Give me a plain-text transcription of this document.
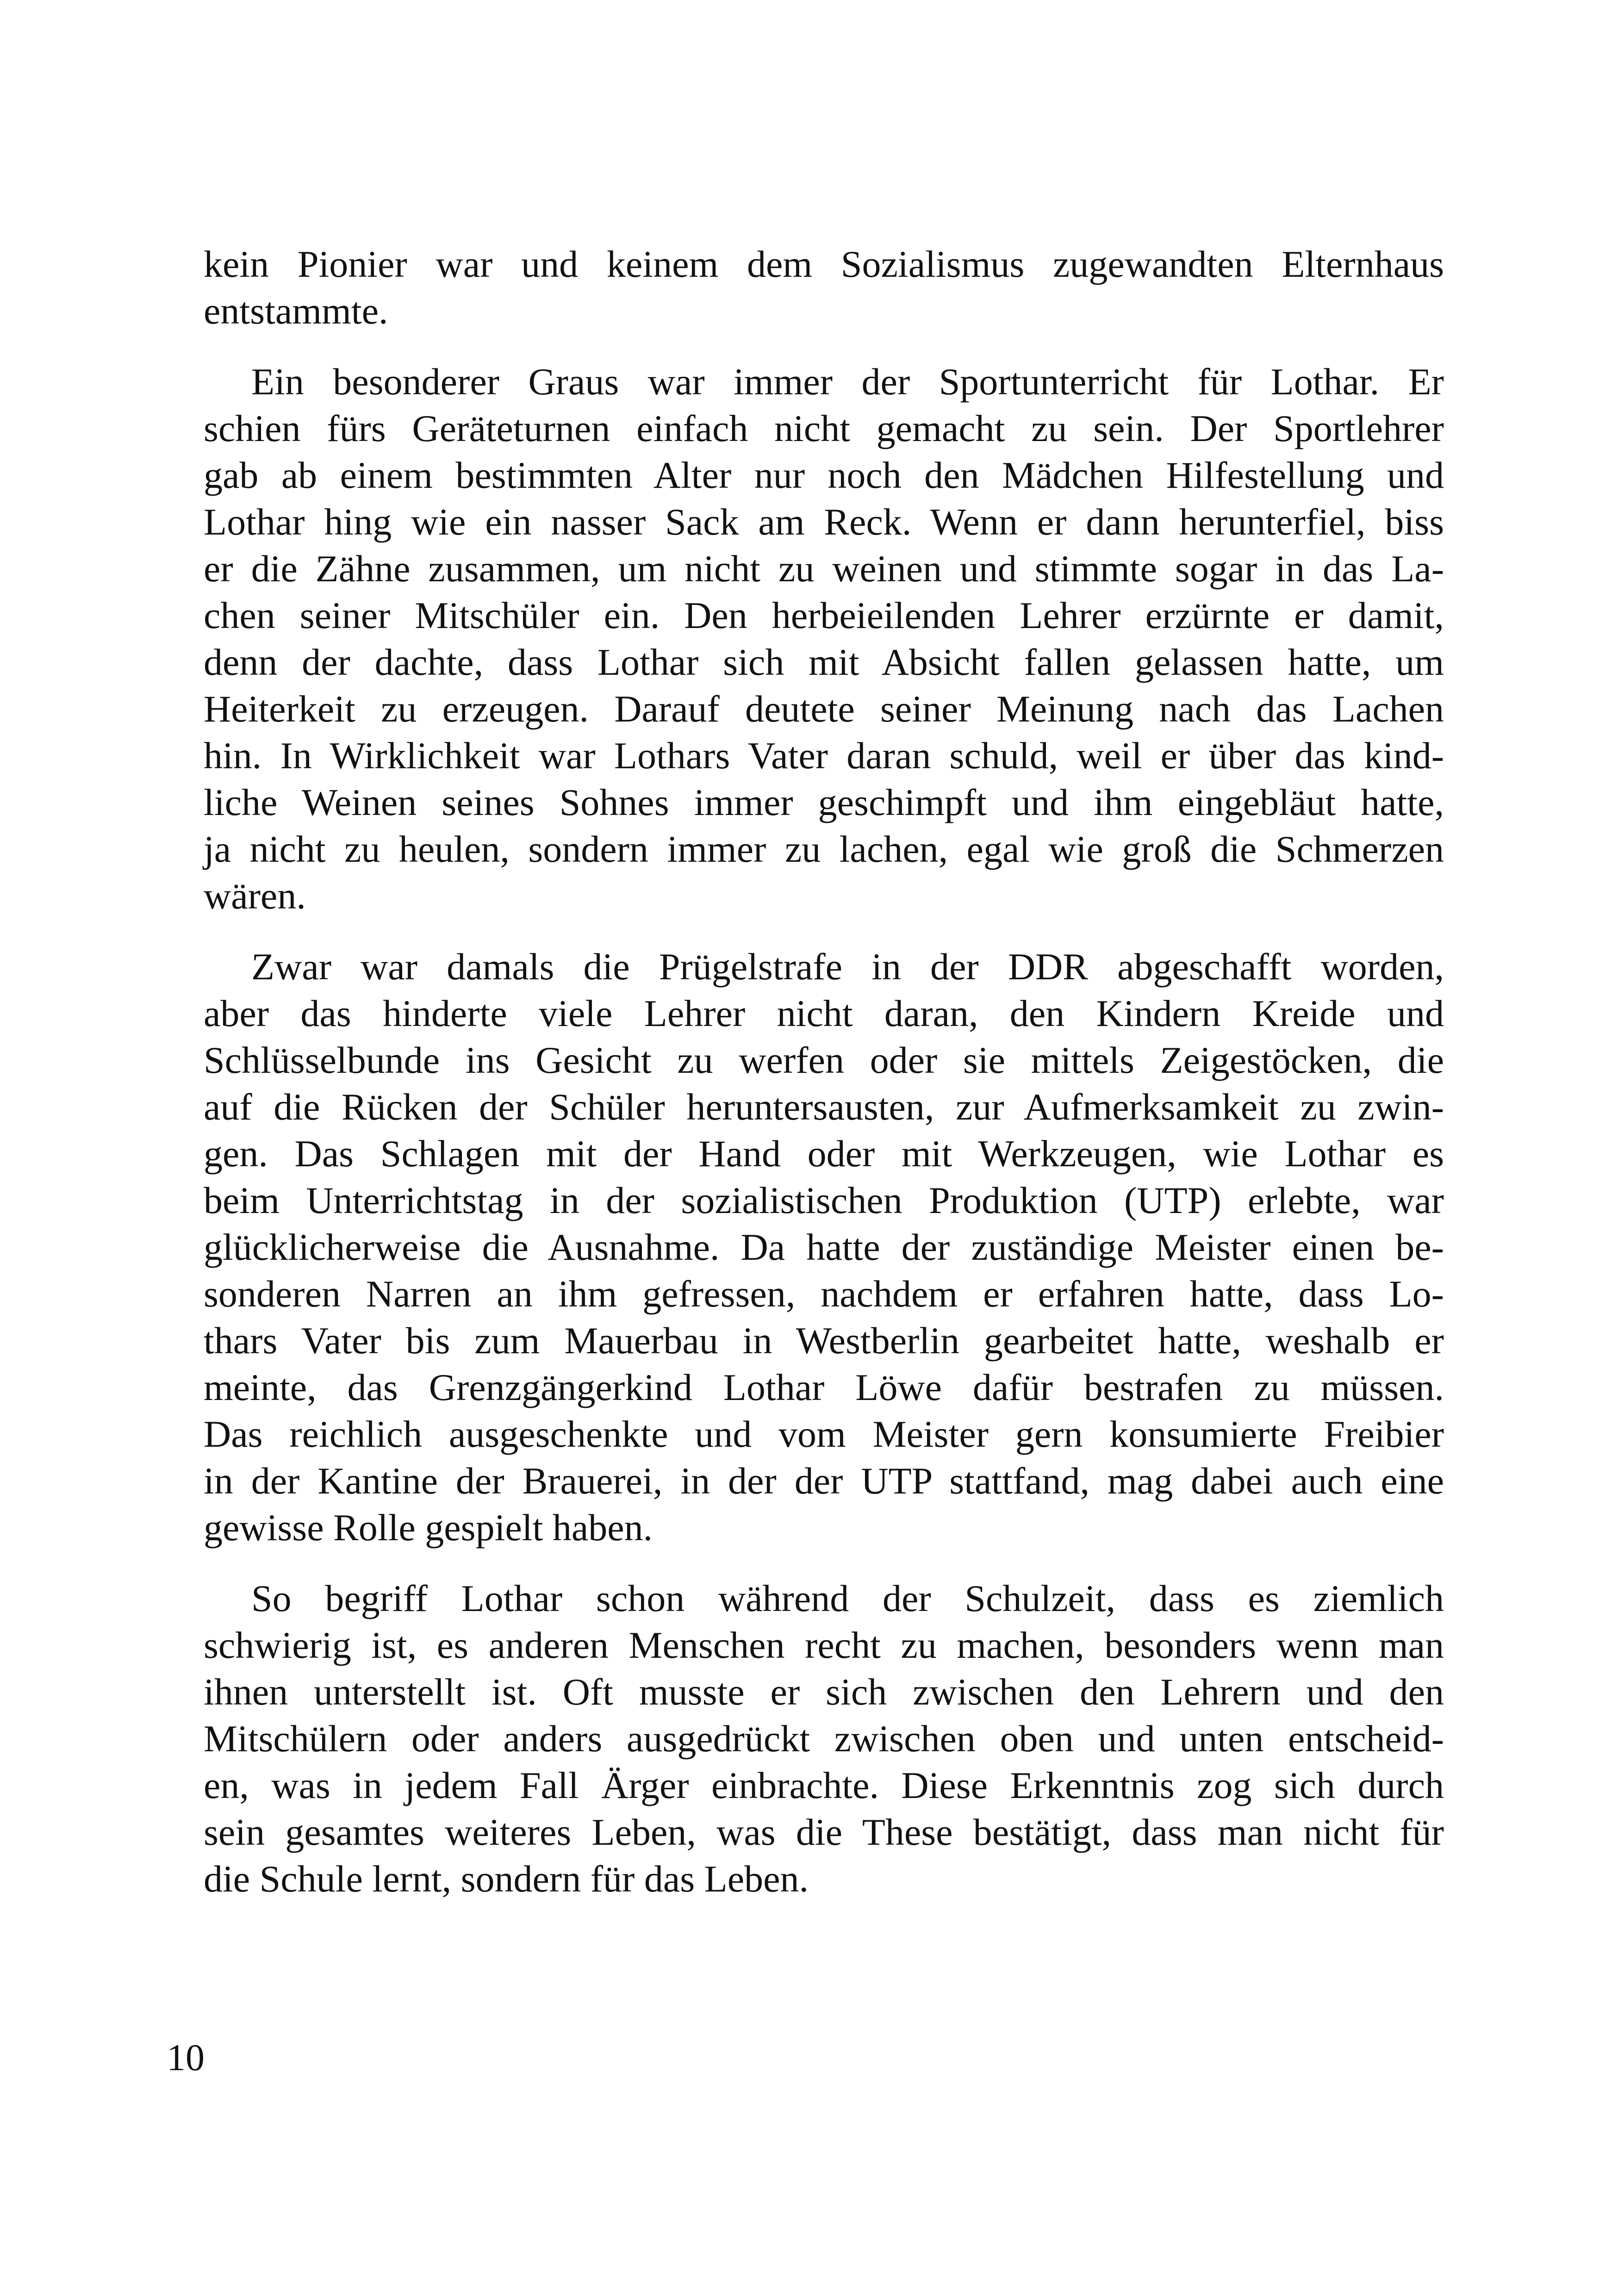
kein Pionier war und keinem dem Sozialismus zugewandten Elternhaus
entstammte.

Ein besonderer Graus war immer der Sportunterricht für Lothar. Er
schien fürs Geräteturnen einfach nicht gemacht zu sein. Der Sportlehrer
gab ab einem bestimmten Alter nur noch den Mädchen Hilfestellung und
Lothar hing wie ein nasser Sack am Reck. Wenn er dann herunterfiel, biss
er die Zähne zusammen, um nicht zu weinen und stimmte sogar in das La-
chen seiner Mitschüler ein. Den herbeieilenden Lehrer erzürnte er damit,
denn der dachte, dass Lothar sich mit Absicht fallen gelassen hatte, um
Heiterkeit zu erzeugen. Darauf deutete seiner Meinung nach das Lachen
hin. In Wirklichkeit war Lothars Vater daran schuld, weil er über das kind-
liche Weinen seines Sohnes immer geschimpft und ihm eingebläut hatte,
ja nicht zu heulen, sondern immer zu lachen, egal wie groß die Schmerzen
wären.

Zwar war damals die Prügelstrafe in der DDR abgeschafft worden,
aber das hinderte viele Lehrer nicht daran, den Kindern Kreide und
Schlüsselbunde ins Gesicht zu werfen oder sie mittels Zeigestöcken, die
auf die Rücken der Schüler heruntersausten, zur Aufmerksamkeit zu zwin-
gen. Das Schlagen mit der Hand oder mit Werkzeugen, wie Lothar es
beim Unterrichtstag in der sozialistischen Produktion (UTP) erlebte, war
glücklicherweise die Ausnahme. Da hatte der zuständige Meister einen be-
sonderen Narren an ihm gefressen, nachdem er erfahren hatte, dass Lo-
thars Vater bis zum Mauerbau in Westberlin gearbeitet hatte, weshalb er
meinte, das Grenzgängerkind Lothar Löwe dafür bestrafen zu müssen.
Das reichlich ausgeschenkte und vom Meister gern konsumierte Freibier
in der Kantine der Brauerei, in der der UTP stattfand, mag dabei auch eine
gewisse Rolle gespielt haben.

So begriff Lothar schon während der Schulzeit, dass es ziemlich
schwierig ist, es anderen Menschen recht zu machen, besonders wenn man
ihnen unterstellt ist. Oft musste er sich zwischen den Lehrern und den
Mitschülern oder anders ausgedrückt zwischen oben und unten entscheid-
en, was in jedem Fall Ärger einbrachte. Diese Erkenntnis zog sich durch
sein gesamtes weiteres Leben, was die These bestätigt, dass man nicht für
die Schule lernt, sondern für das Leben.

10
